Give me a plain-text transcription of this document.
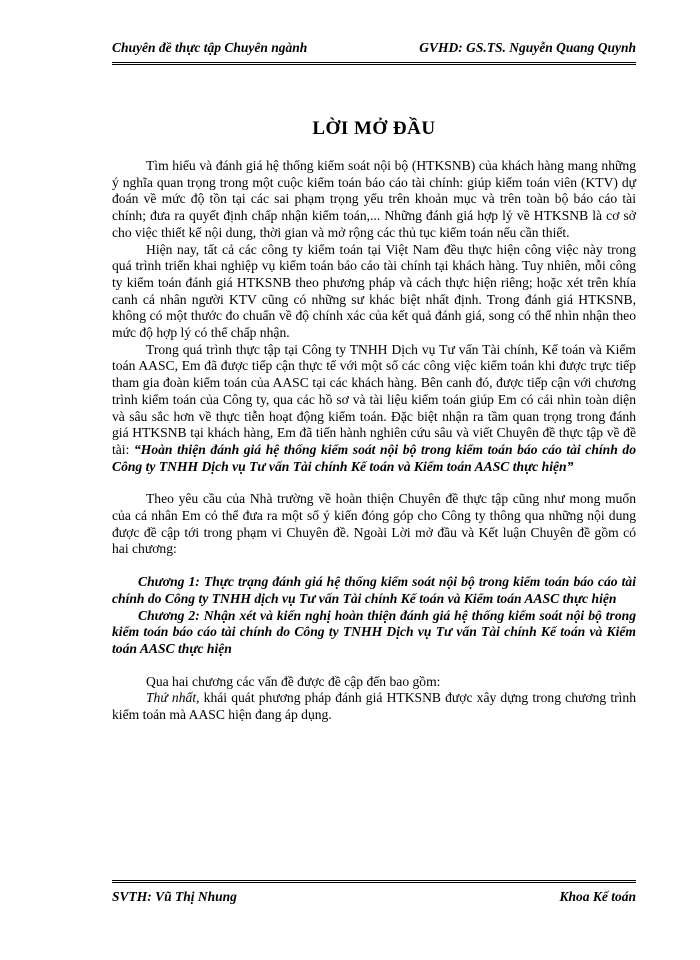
Chuyên đề thực tập Chuyên ngành	GVHD: GS.TS. Nguyễn Quang Quynh
LỜI MỞ ĐẦU

Tìm hiểu và đánh giá hệ thống kiểm soát nội bộ (HTKSNB) của khách hàng mang những ý nghĩa quan trọng trong một cuộc kiểm toán báo cáo tài chính: giúp kiểm toán viên (KTV) dự đoán về mức độ tồn tại các sai phạm trọng yếu trên khoản mục và trên toàn bộ báo cáo tài chính; đưa ra quyết định chấp nhận kiểm toán,... Những đánh giá hợp lý về HTKSNB là cơ sở cho việc thiết kế nội dung, thời gian và mở rộng các thủ tục kiểm toán nếu cần thiết.

Hiện nay, tất cả các công ty kiểm toán tại Việt Nam đều thực hiện công việc này trong quá trình triển khai nghiệp vụ kiểm toán báo cáo tài chính tại khách hàng. Tuy nhiên, mỗi công ty kiểm toán đánh giá HTKSNB theo phương pháp và cách thực hiện riêng; hoặc xét trên khía canh cá nhân người KTV cũng có những sư khác biệt nhất định. Trong đánh giá HTKSNB, không có một thước đo chuẩn về độ chính xác của kết quả đánh giá, song có thể nhìn nhận theo mức độ hợp lý có thể chấp nhận.

Trong quá trình thực tập tại Công ty TNHH Dịch vụ Tư vấn Tài chính, Kế toán và Kiểm toán AASC, Em đã được tiếp cận thực tế với một số các công việc kiểm toán khi được trực tiếp tham gia đoàn kiểm toán của AASC tại các khách hàng. Bên canh đó, được tiếp cận với chương trình kiểm toán của Công ty, qua các hồ sơ và tài liệu kiểm toán giúp Em có cái nhìn toàn diện và sâu sắc hơn về thực tiễn hoạt động kiểm toán. Đặc biệt nhận ra tầm quan trọng trong đánh giá HTKSNB tại khách hàng, Em đã tiến hành nghiên cứu sâu và viết Chuyên đề thực tập về đề tài: “Hoàn thiện đánh giá hệ thống kiểm soát nội bộ trong kiểm toán báo cáo tài chính do Công ty TNHH Dịch vụ Tư vấn Tài chính Kế toán và Kiểm toán AASC thực hiện”

Theo yêu cầu của Nhà trường về hoàn thiện Chuyên đề thực tập cũng như mong muốn của cá nhân Em có thể đưa ra một số ý kiến đóng góp cho Công ty thông qua những nội dung được đề cập tới trong phạm vi Chuyên đề. Ngoài Lời mở đầu và Kết luận Chuyên đề gồm có hai chương:

Chương 1: Thực trạng đánh giá hệ thống kiểm soát nội bộ trong kiểm toán báo cáo tài chính do Công ty TNHH dịch vụ Tư vấn Tài chính Kế toán và Kiểm toán AASC thực hiện

Chương 2: Nhận xét và kiến nghị hoàn thiện đánh giá hệ thống kiểm soát nội bộ trong kiểm toán báo cáo tài chính do Công ty TNHH Dịch vụ Tư vấn Tài chính Kế toán và Kiểm toán AASC thực hiện

Qua hai chương các vấn đề được đề cập đến bao gồm:

Thứ nhất, khái quát phương pháp đánh giá HTKSNB được xây dựng trong chương trình kiểm toán mà AASC hiện đang áp dụng.

SVTH: Vũ Thị Nhung	Khoa Kế toán
